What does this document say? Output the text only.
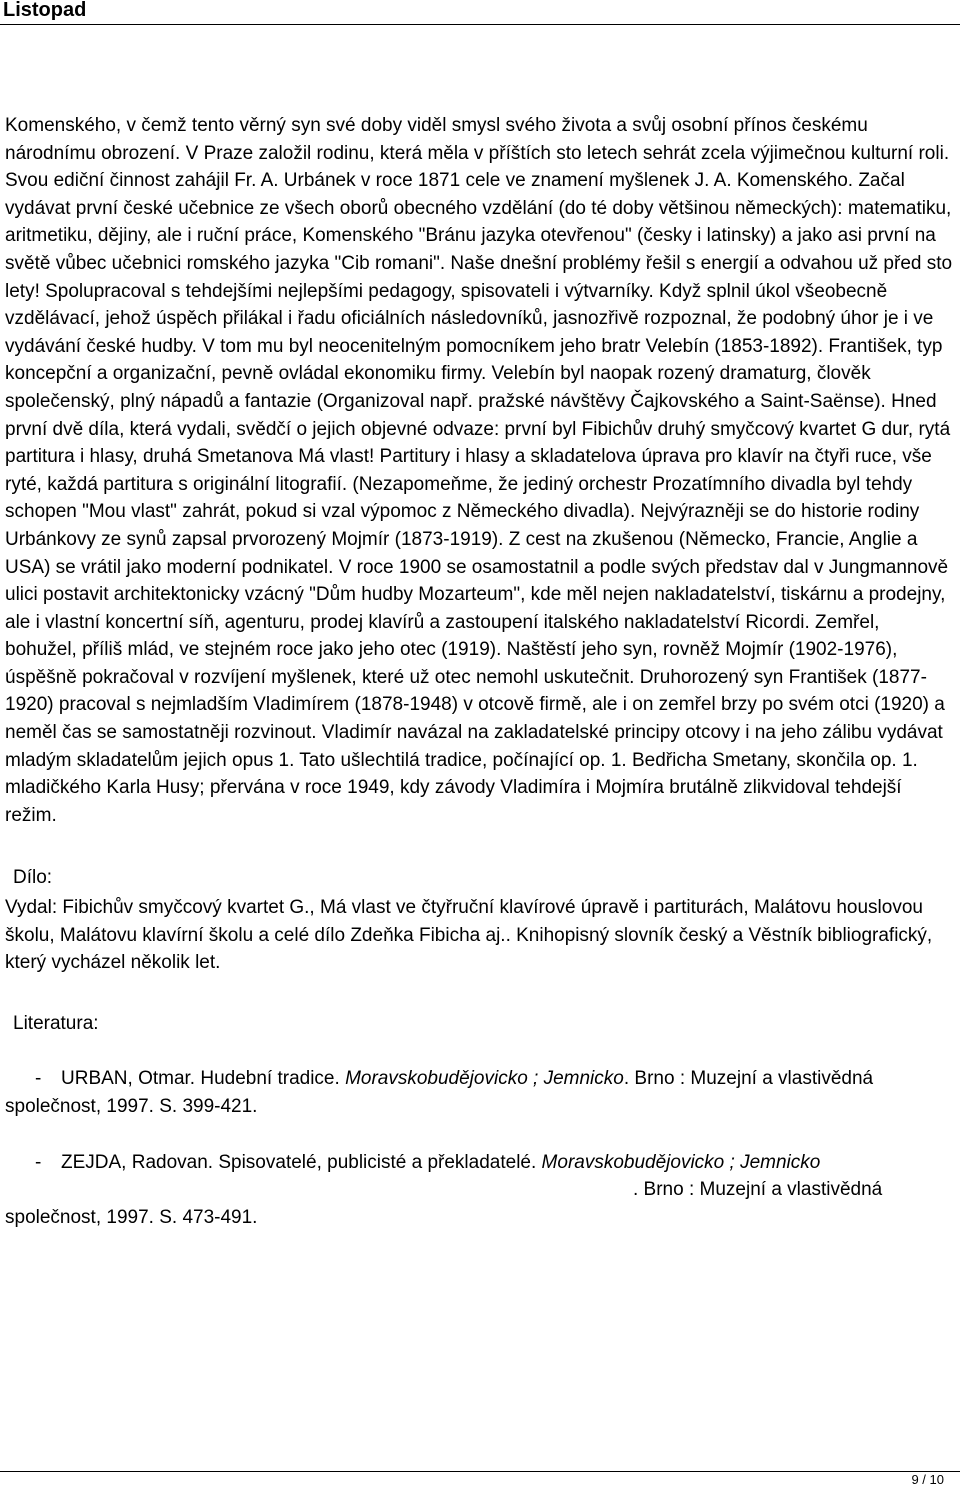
Listopad

Komenského, v čemž tento věrný syn své doby viděl smysl svého života a svůj osobní přínos českému národnímu obrození. V Praze založil rodinu, která měla v příštích sto letech sehrát zcela výjimečnou kulturní roli. Svou ediční činnost zahájil Fr. A. Urbánek v roce 1871 cele ve znamení myšlenek J. A. Komenského. Začal vydávat první české učebnice ze všech oborů obecného vzdělání (do té doby většinou německých): matematiku, aritmetiku, dějiny, ale i ruční práce, Komenského "Bránu jazyka otevřenou" (česky i latinsky) a jako asi první na světě vůbec učebnici romského jazyka "Cib romani". Naše dnešní problémy řešil s energií a odvahou už před sto lety! Spolupracoval s tehdejšími nejlepšími pedagogy, spisovateli i výtvarníky. Když splnil úkol všeobecně vzdělávací, jehož úspěch přilákal i řadu oficiálních následovníků, jasnozřivě rozpoznal, že podobný úhor je i ve vydávání české hudby. V tom mu byl neocenitelným pomocníkem jeho bratr Velebín (1853-1892). František, typ koncepční a organizační, pevně ovládal ekonomiku firmy. Velebín byl naopak rozený dramaturg, člověk společenský, plný nápadů a fantazie (Organizoval např. pražské návštěvy Čajkovského a Saint-Saënse). Hned první dvě díla, která vydali, svědčí o jejich objevné odvaze: první byl Fibichův druhý smyčcový kvartet G dur, rytá partitura i hlasy, druhá Smetanova Má vlast! Partitury i hlasy a skladatelova úprava pro klavír na čtyři ruce, vše ryté, každá partitura s originální litografií. (Nezapomeňme, že jediný orchestr Prozatímního divadla byl tehdy schopen "Mou vlast" zahrát, pokud si vzal výpomoc z Německého divadla). Nejvýrazněji se do historie rodiny Urbánkovy ze synů zapsal prvorozený Mojmír (1873-1919). Z cest na zkušenou (Německo, Francie, Anglie a USA) se vrátil jako moderní podnikatel. V roce 1900 se osamostatnil a podle svých představ dal v Jungmannově ulici postavit architektonicky vzácný "Dům hudby Mozarteum", kde měl nejen nakladatelství, tiskárnu a prodejny, ale i vlastní koncertní síň, agenturu, prodej klavírů a zastoupení italského nakladatelství Ricordi. Zemřel, bohužel, příliš mlád, ve stejném roce jako jeho otec (1919). Naštěstí jeho syn, rovněž Mojmír (1902-1976), úspěšně pokračoval v rozvíjení myšlenek, které už otec nemohl uskutečnit. Druhorozený syn František (1877-1920) pracoval s nejmladším Vladimírem (1878-1948) v otcově firmě, ale i on zemřel brzy po svém otci (1920) a neměl čas se samostatněji rozvinout. Vladimír navázal na zakladatelské principy otcovy i na jeho zálibu vydávat mladým skladatelům jejich opus 1. Tato ušlechtilá tradice, počínající op. 1. Bedřicha Smetany, skončila op. 1. mladičkého Karla Husy; přervána v roce 1949, kdy závody Vladimíra i Mojmíra brutálně zlikvidoval tehdejší režim.

Dílo:

Vydal: Fibichův smyčcový kvartet G., Má vlast ve čtyřruční klavírové úpravě i partiturách, Malátovu houslovou školu, Malátovu klavírní školu a celé dílo Zdeňka Fibicha aj.. Knihopisný slovník český a Věstník bibliografický, který vycházel několik let.

Literatura:

- URBAN, Otmar. Hudební tradice. Moravskobudějovicko ; Jemnicko. Brno : Muzejní a vlastivědná společnost, 1997. S. 399-421.

- ZEJDA, Radovan. Spisovatelé, publicisté a překladatelé. Moravskobudějovicko ; Jemnicko. Brno : Muzejní a vlastivědná společnost, 1997. S. 473-491.

9 / 10
